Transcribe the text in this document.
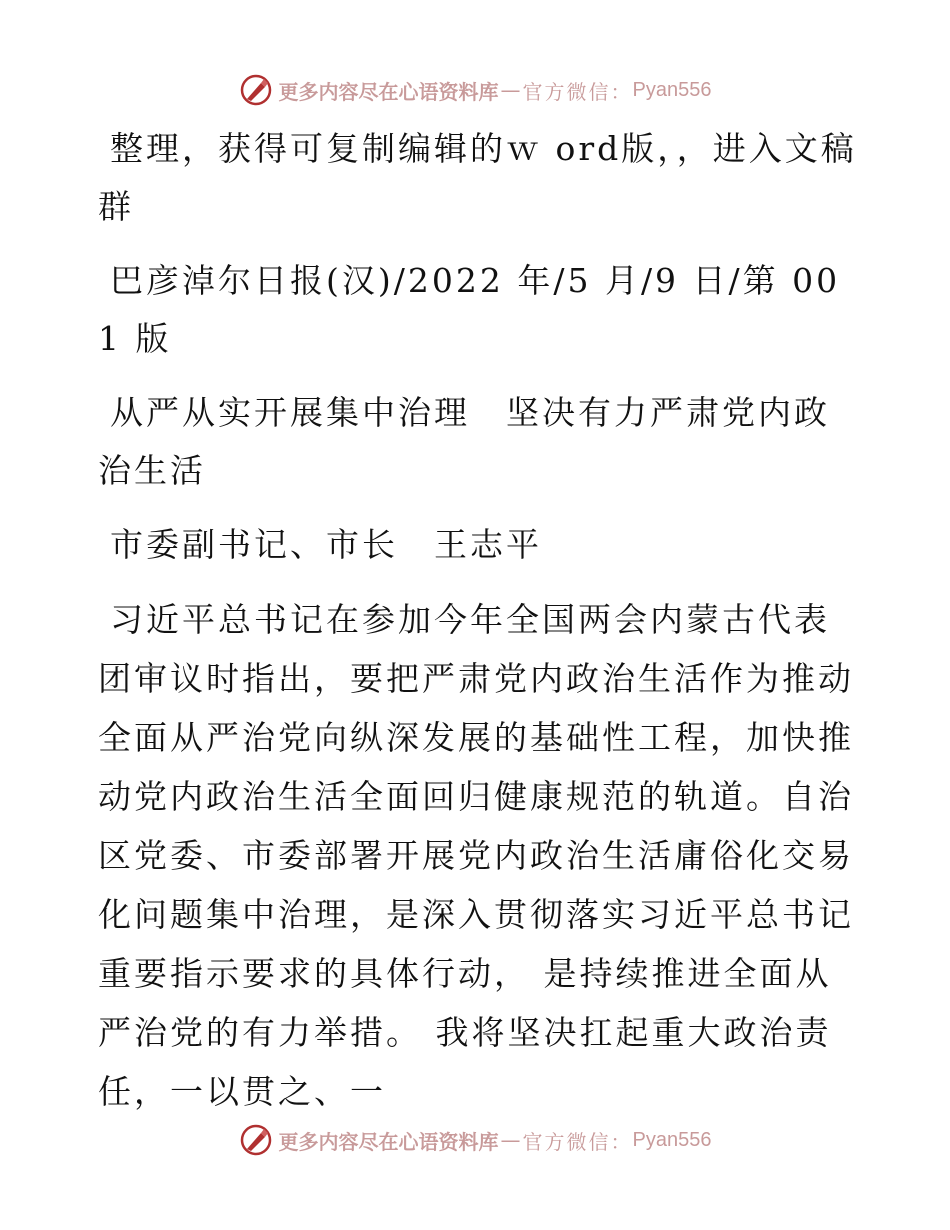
更多内容尽在心语资料库 — 官方微信： Pyan556

整理，获得可复制编辑的ｗ ord版，，进入文稿群

巴彦淖尔日报(汉)/2022 年/5 月/9 日/第 001 版

从严从实开展集中治理　坚决有力严肃党内政治生活

市委副书记、市长　王志平

习近平总书记在参加今年全国两会内蒙古代表团审议时指出，要把严肃党内政治生活作为推动全面从严治党向纵深发展的基础性工程，加快推动党内政治生活全面回归健康规范的轨道。自治区党委、市委部署开展党内政治生活庸俗化交易化问题集中治理，是深入贯彻落实习近平总书记重要指示要求的具体行动， 是持续推进全面从严治党的有力举措。 我将坚决扛起重大政治责任，一以贯之、一

更多内容尽在心语资料库 — 官方微信： Pyan556
